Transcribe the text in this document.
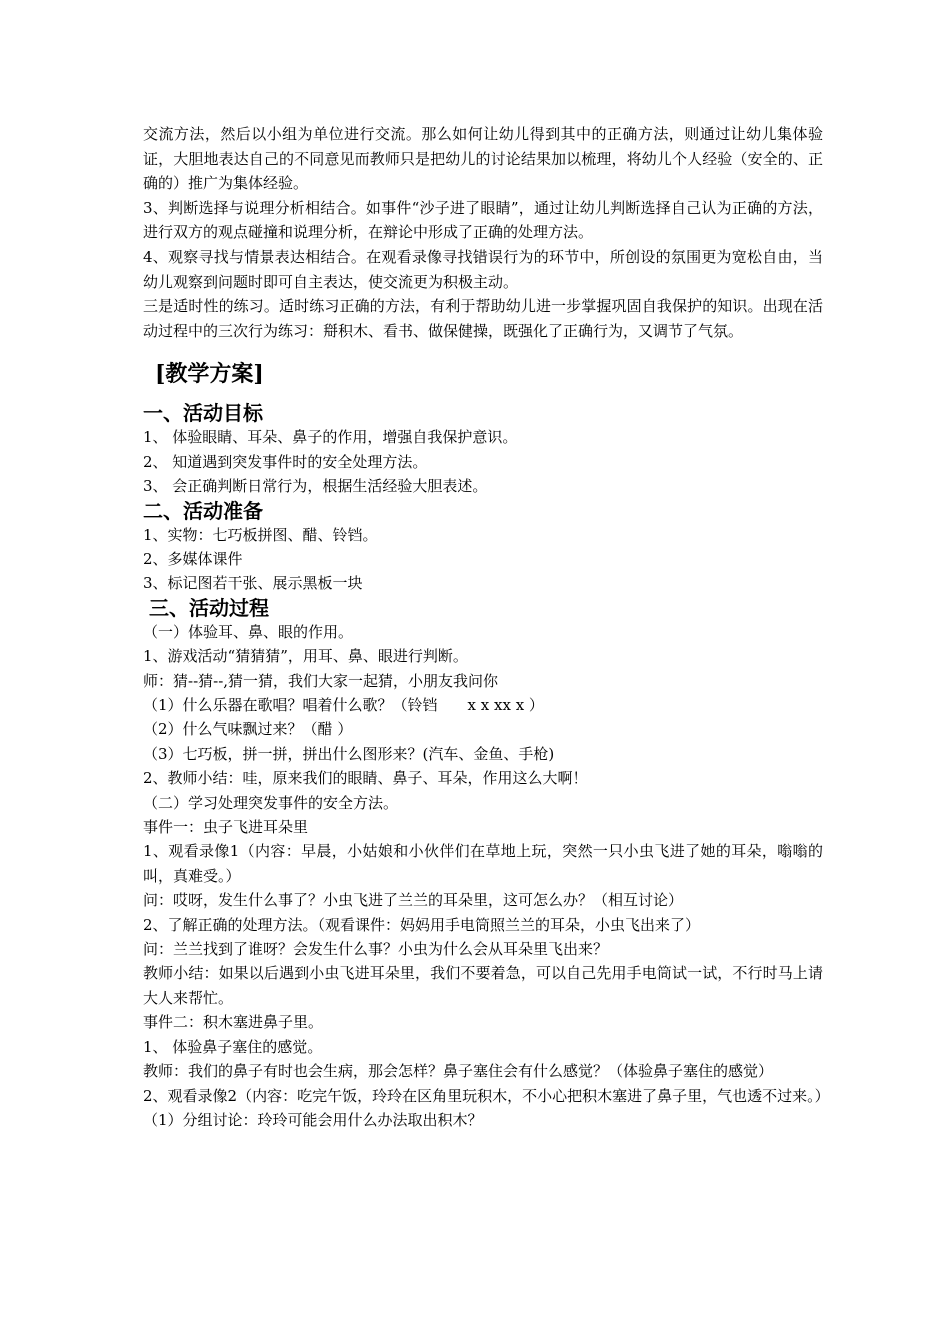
交流方法，然后以小组为单位进行交流。那么如何让幼儿得到其中的正确方法，则通过让幼儿集体验证，大胆地表达自己的不同意见而教师只是把幼儿的讨论结果加以梳理，将幼儿个人经验（安全的、正确的）推广为集体经验。

3、判断选择与说理分析相结合。如事件“沙子进了眼睛”，通过让幼儿判断选择自己认为正确的方法，进行双方的观点碰撞和说理分析，在辩论中形成了正确的处理方法。

4、观察寻找与情景表达相结合。在观看录像寻找错误行为的环节中，所创设的氛围更为宽松自由，当幼儿观察到问题时即可自主表达，使交流更为积极主动。

三是适时性的练习。适时练习正确的方法，有利于帮助幼儿进一步掌握巩固自我保护的知识。出现在活动过程中的三次行为练习：搿积木、看书、做保健操，既强化了正确行为，又调节了气氛。

[教学方案]
一、活动目标

1、 体验眼睛、耳朵、鼻子的作用，增强自我保护意识。

2、 知道遇到突发事件时的安全处理方法。

3、 会正确判断日常行为，根据生活经验大胆表述。

二、活动准备

1、实物：七巧板拼图、醋、铃铛。

2、多媒体课件

3、标记图若干张、展示黑板一块

三、活动过程

（一）体验耳、鼻、眼的作用。

1、游戏活动“猜猜猜”，用耳、鼻、眼进行判断。

师：猜--猜--,猜一猜，我们大家一起猜，小朋友我问你

（1）什么乐器在歌唱？唱着什么歌？（铃铛　　x x xx x ）

（2）什么气味飘过来？（醋 ）

（3）七巧板，拼一拼，拼出什么图形来？(汽车、金鱼、手枪)

2、教师小结：哇，原来我们的眼睛、鼻子、耳朵，作用这么大啊！

（二）学习处理突发事件的安全方法。

事件一：虫子飞进耳朵里

1、观看录像1（内容：早晨，小姑娘和小伙伴们在草地上玩，突然一只小虫飞进了她的耳朵，嗡嗡的叫，真难受。）

问：哎呀，发生什么事了？小虫飞进了兰兰的耳朵里，这可怎么办？（相互讨论）

2、了解正确的处理方法。（观看课件：妈妈用手电筒照兰兰的耳朵，小虫飞出来了）

问：兰兰找到了谁呀？会发生什么事？小虫为什么会从耳朵里飞出来？

教师小结：如果以后遇到小虫飞进耳朵里，我们不要着急，可以自己先用手电筒试一试，不行时马上请大人来帮忙。

事件二：积木塞进鼻子里。

1、 体验鼻子塞住的感觉。

教师：我们的鼻子有时也会生病，那会怎样？鼻子塞住会有什么感觉？（体验鼻子塞住的感觉）

2、观看录像2（内容：吃完午饭，玲玲在区角里玩积木，不小心把积木塞进了鼻子里，气也透不过来。）

（1）分组讨论：玲玲可能会用什么办法取出积木？
